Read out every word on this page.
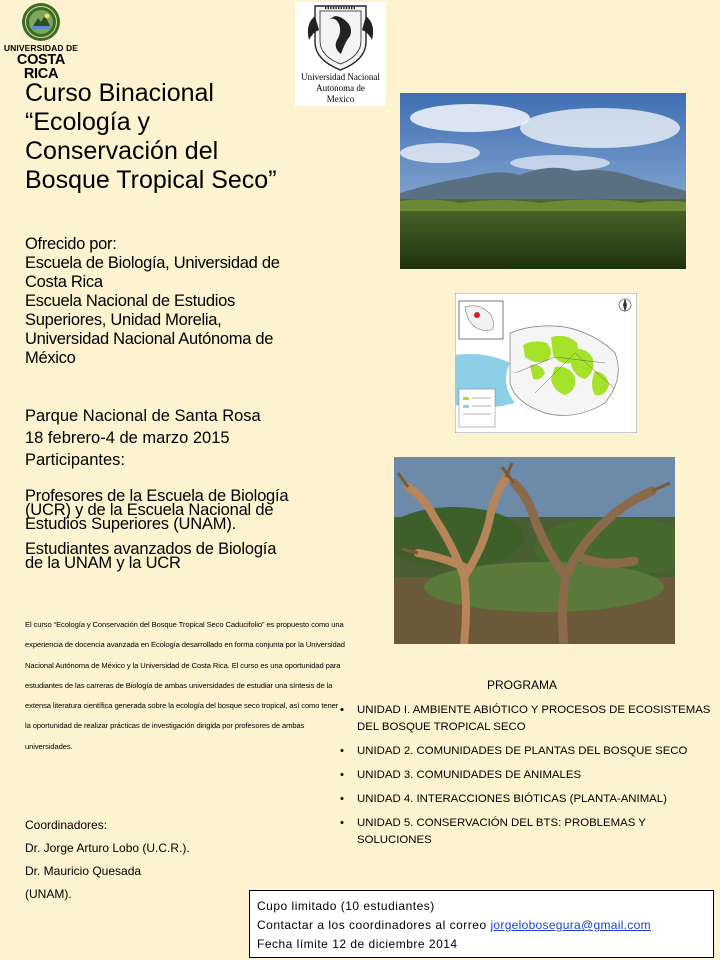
UNIVERSIDAD DE
COSTA RICA	Universidad Nacional
Autonoma de
Mexico
Curso Binacional
“Ecología y
Conservación del
Bosque Tropical Seco”
Ofrecido por:
Escuela de Biología, Universidad de
Costa Rica
Escuela Nacional de Estudios
Superiores, Unidad Morelia,
Universidad Nacional Autónoma de
México
Parque Nacional de Santa Rosa
18 febrero-4 de marzo 2015
Participantes:
Profesores de la Escuela de Biología
(UCR) y de la Escuela Nacional de
Estudios Superiores (UNAM).
Estudiantes avanzados de Biología
de la UNAM y la UCR
El curso “Ecología y Conservación del Bosque Tropical Seco Caducifolio” es propuesto como una experiencia de docencia avanzada en Ecología desarrollado en forma conjunta por la Universidad Nacional Autónoma de México y la Universidad de Costa Rica. El curso es una oportunidad para estudiantes de las carreras de Biología de ambas universidades de estudiar una síntesis de la extensa literatura científica generada sobre la ecología del bosque seco tropical, así como tener la oportunidad de realizar prácticas de investigación dirigida por profesores de ambas universidades.
Coordinadores:
Dr. Jorge Arturo Lobo (U.C.R.).
Dr. Mauricio Quesada
(UNAM).
PROGRAMA
• UNIDAD I. AMBIENTE ABIÓTICO Y PROCESOS DE ECOSISTEMAS DEL BOSQUE TROPICAL SECO
• UNIDAD 2. COMUNIDADES DE PLANTAS DEL BOSQUE SECO
• UNIDAD 3. COMUNIDADES DE ANIMALES
• UNIDAD 4. INTERACCIONES BIÓTICAS (PLANTA-ANIMAL)
• UNIDAD 5. CONSERVACIÓN DEL BTS: PROBLEMAS Y SOLUCIONES
Cupo limitado (10 estudiantes)
Contactar a los coordinadores al correo jorgelobosegura@gmail.com
Fecha límite 12 de diciembre 2014
